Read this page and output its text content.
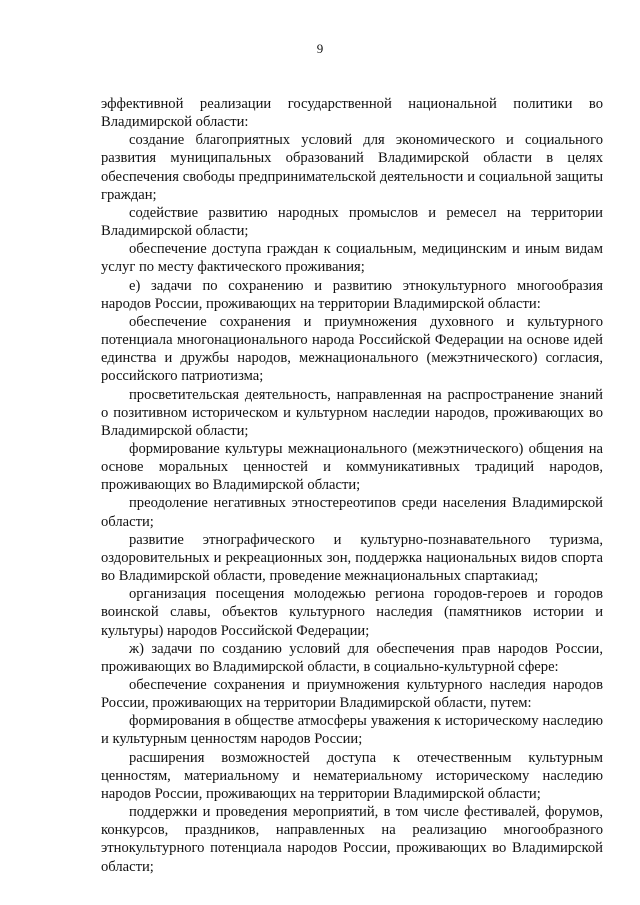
9

эффективной реализации государственной национальной политики во Владимирской области:

создание благоприятных условий для экономического и социального развития муниципальных образований Владимирской области в целях обеспечения свободы предпринимательской деятельности и социальной защиты граждан;

содействие развитию народных промыслов и ремесел на территории Владимирской области;

обеспечение доступа граждан к социальным, медицинским и иным видам услуг по месту фактического проживания;

е) задачи по сохранению и развитию этнокультурного многообразия народов России, проживающих на территории Владимирской области:

обеспечение сохранения и приумножения духовного и культурного потенциала многонационального народа Российской Федерации на основе идей единства и дружбы народов, межнационального (межэтнического) согласия, российского патриотизма;

просветительская деятельность, направленная на распространение знаний о позитивном историческом и культурном наследии народов, проживающих во Владимирской области;

формирование культуры межнационального (межэтнического) общения на основе моральных ценностей и коммуникативных традиций народов, проживающих во Владимирской области;

преодоление негативных этностереотипов среди населения Владимирской области;

развитие этнографического и культурно-познавательного туризма, оздоровительных и рекреационных зон, поддержка национальных видов спорта во Владимирской области, проведение межнациональных спартакиад;

организация посещения молодежью региона городов-героев и городов воинской славы, объектов культурного наследия (памятников истории и культуры) народов Российской Федерации;

ж) задачи по созданию условий для обеспечения прав народов России, проживающих во Владимирской области, в социально-культурной сфере:

обеспечение сохранения и приумножения культурного наследия народов России, проживающих на территории Владимирской области, путем:

формирования в обществе атмосферы уважения к историческому наследию и культурным ценностям народов России;

расширения возможностей доступа к отечественным культурным ценностям, материальному и нематериальному историческому наследию народов России, проживающих на территории Владимирской области;

поддержки и проведения мероприятий, в том числе фестивалей, форумов, конкурсов, праздников, направленных на реализацию многообразного этнокультурного потенциала народов России, проживающих во Владимирской области;
